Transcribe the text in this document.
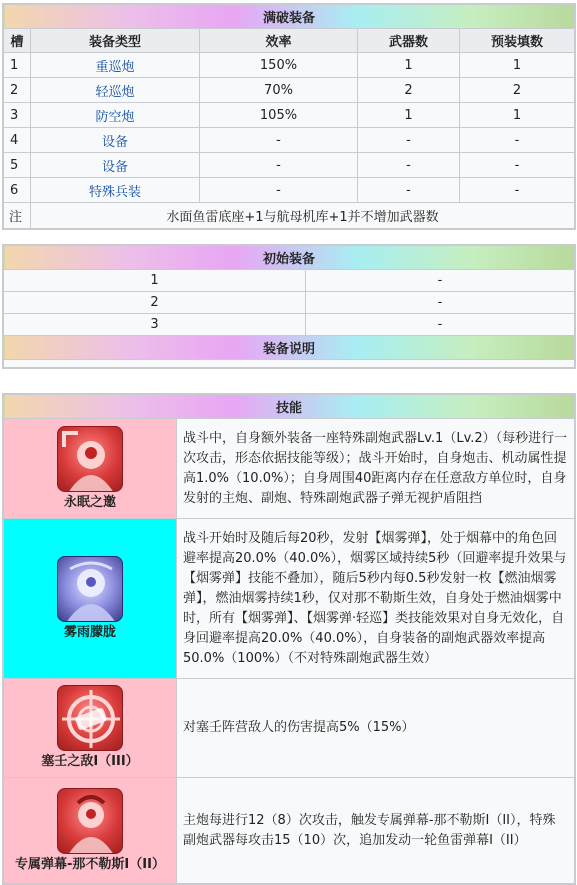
满破装备				
槽	装备类型	效率	武器数	预装填数
1	重巡炮	150%	1	1
2	轻巡炮	70%	2	2
3	防空炮	105%	1	1
4	设备	-	-	-
5	设备	-	-	-
6	特殊兵装	-	-	-
注	水面鱼雷底座+1与航母机库+1并不增加武器数			
初始装备	
1	-
2	-
3	-
装备说明	

技能	

永眠之邀	战斗中，自身额外装备一座特殊副炮武器Lv.1（Lv.2）（每秒进行一次攻击，形态依据技能等级）；战斗开始时，自身炮击、机动属性提高1.0%（10.0%）；自身周围40距离内存在任意敌方单位时，自身发射的主炮、副炮、特殊副炮武器子弹无视护盾阻挡

雾雨朦胧	战斗开始时及随后每20秒，发射【烟雾弹】，处于烟幕中的角色回避率提高20.0%（40.0%），烟雾区域持续5秒（回避率提升效果与【烟雾弹】技能不叠加），随后5秒内每0.5秒发射一枚【燃油烟雾弹】，燃油烟雾持续1秒，仅对那不勒斯生效，自身处于燃油烟雾中时，所有【烟雾弹】、【烟雾弹·轻巡】类技能效果对自身无效化，自身回避率提高20.0%（40.0%），自身装备的副炮武器效率提高50.0%（100%）（不对特殊副炮武器生效）

塞壬之敌I（III）	对塞壬阵营敌人的伤害提高5%（15%）

专属弹幕-那不勒斯I（II）	主炮每进行12（8）次攻击，触发专属弹幕-那不勒斯I（II），特殊副炮武器每攻击15（10）次，追加发动一轮鱼雷弹幕I（II）
